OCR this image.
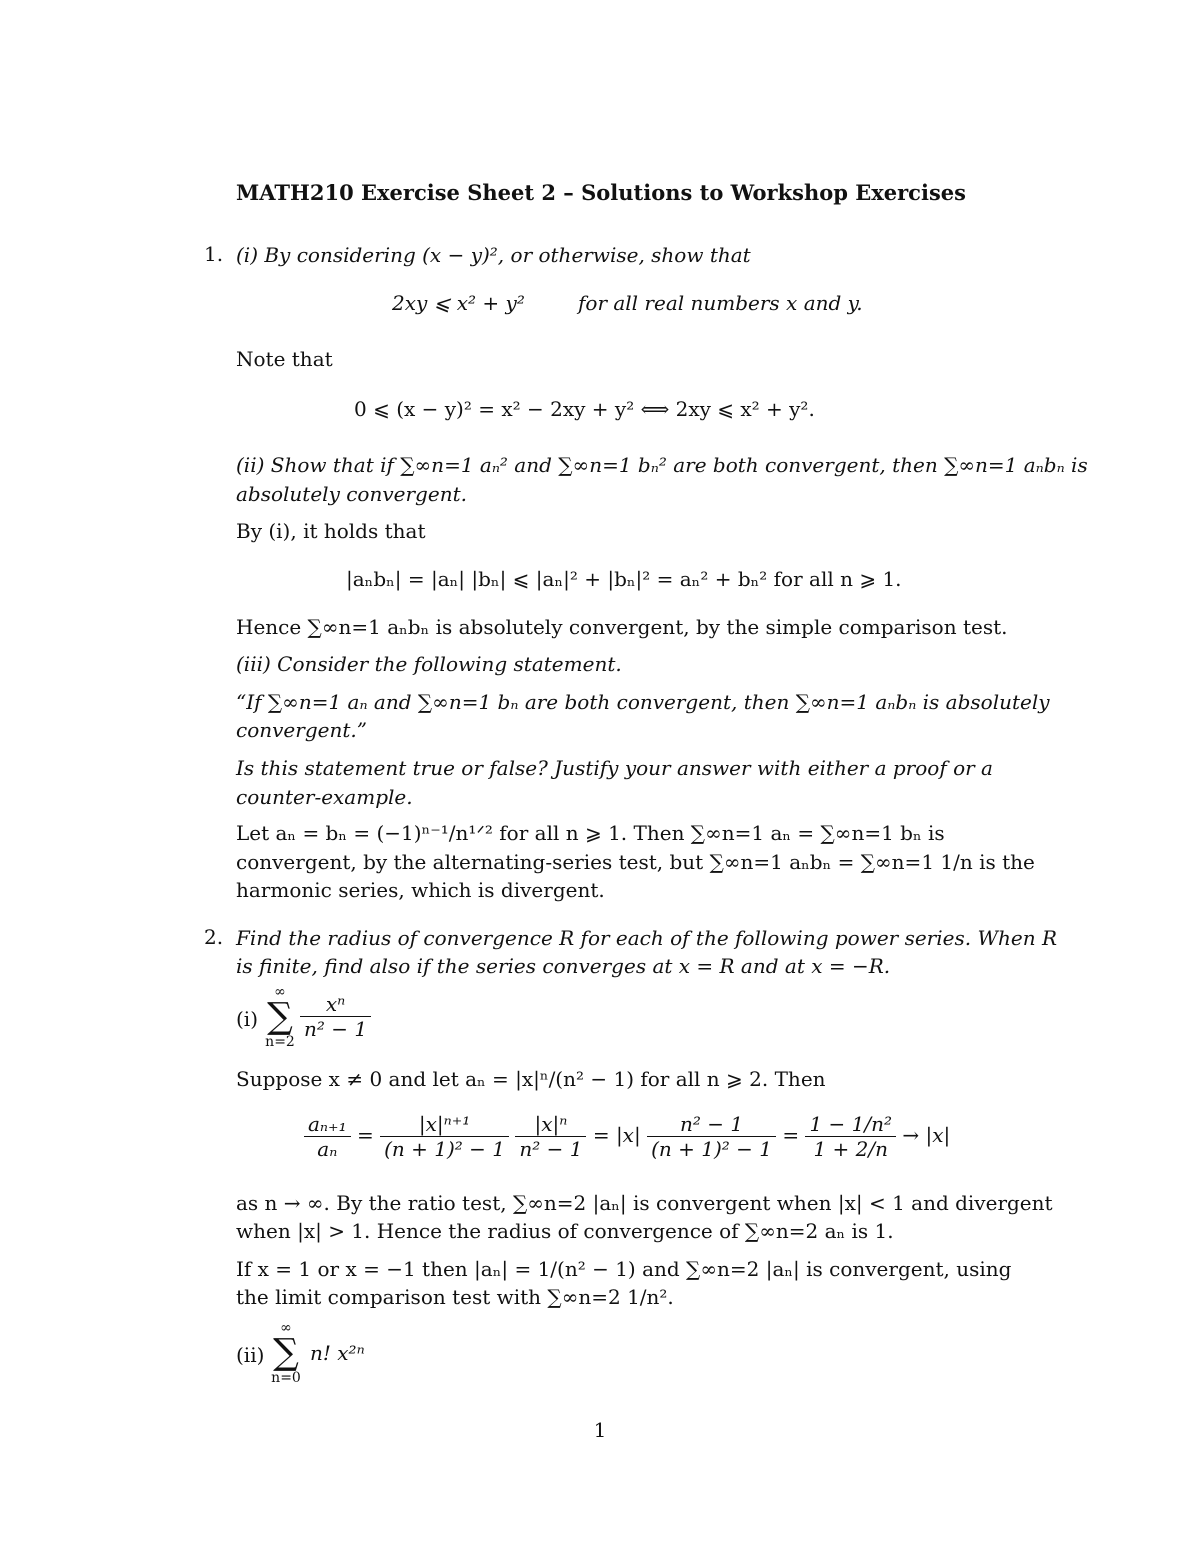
MATH210 Exercise Sheet 2 – Solutions to Workshop Exercises
1. (i) By considering (x − y)², or otherwise, show that
2xy ⩽ x² + y²	for all real numbers x and y.
Note that
0 ⩽ (x − y)² = x² − 2xy + y² ⟺ 2xy ⩽ x² + y².
(ii) Show that if ∑∞n=1 aₙ² and ∑∞n=1 bₙ² are both convergent, then ∑∞n=1 aₙbₙ is
absolutely convergent.
By (i), it holds that
|aₙbₙ| = |aₙ| |bₙ| ⩽ |aₙ|² + |bₙ|² = aₙ² + bₙ² for all n ⩾ 1.
Hence ∑∞n=1 aₙbₙ is absolutely convergent, by the simple comparison test.
(iii) Consider the following statement.
“If ∑∞n=1 aₙ and ∑∞n=1 bₙ are both convergent, then ∑∞n=1 aₙbₙ is absolutely
convergent.”
Is this statement true or false? Justify your answer with either a proof or a
counter-example.
Let aₙ = bₙ = (−1)ⁿ⁻¹/n¹ᐟ² for all n ⩾ 1. Then ∑∞n=1 aₙ = ∑∞n=1 bₙ is
convergent, by the alternating-series test, but ∑∞n=1 aₙbₙ = ∑∞n=1 1/n is the
harmonic series, which is divergent.
2. Find the radius of convergence R for each of the following power series. When R
is finite, find also if the series converges at x = R and at x = −R.
(i)
∞
∑
n=2
$\frac{\text{xⁿ}}{\text{n² − 1}}$
Suppose x ≠ 0 and let aₙ = |x|ⁿ/(n² − 1) for all n ⩾ 2. Then
$\frac{\text{aₙ₊₁}}{\text{aₙ}} = \frac{\text{|x|ⁿ⁺¹}}{\text{(n + 1)² − 1}}$
$\frac{\text{|x|ⁿ}}{\text{n² − 1}} = |x| \frac{\text{n² − 1}}{\text{(n + 1)² − 1}} = \frac{\text{1 − 1/n²}}{1 + 2/n} \to |x|$
as n → ∞. By the ratio test, ∑∞n=2 |aₙ| is convergent when |x| < 1 and divergent
when |x| > 1. Hence the radius of convergence of ∑∞n=2 aₙ is 1.
If x = 1 or x = −1 then |aₙ| = 1/(n² − 1) and ∑∞n=2 |aₙ| is convergent, using
the limit comparison test with ∑∞n=2 1/n².
(ii)
∞
∑
n=0
n! x²ⁿ
1
